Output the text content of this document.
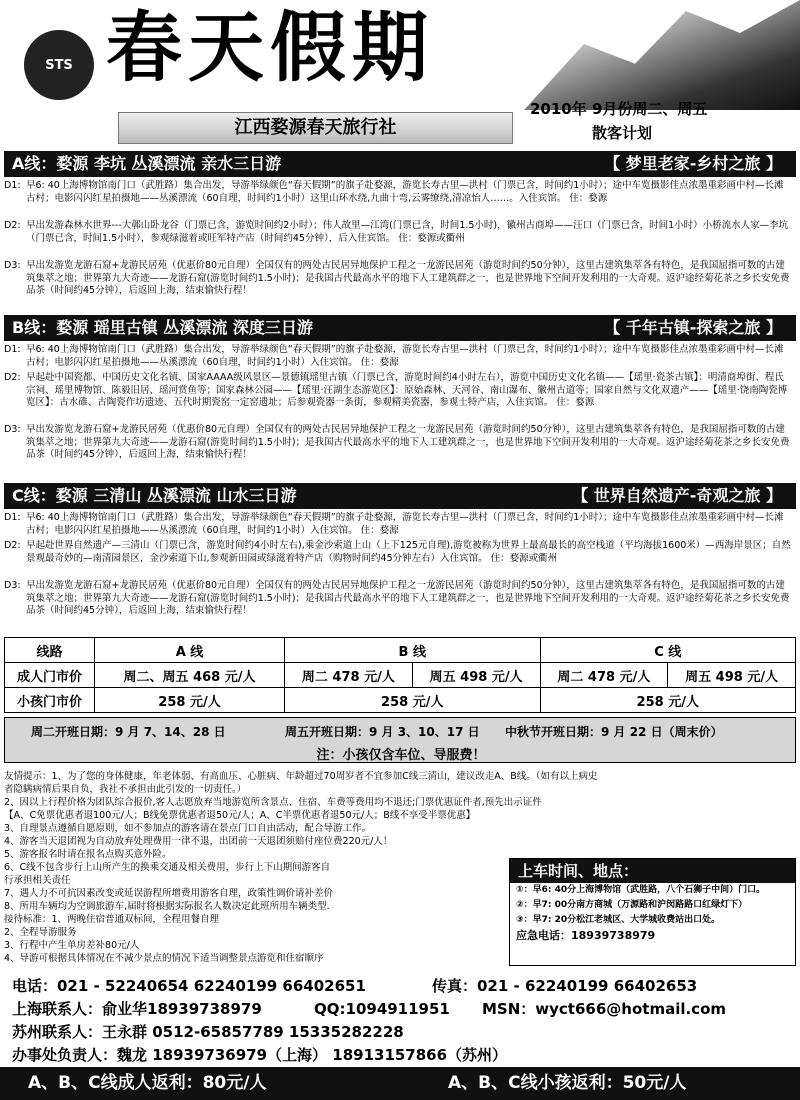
STS 春天假期
2010年 9月份周二、周五
江西婺源春天旅行社	散客计划
A线：婺源 李坑 丛溪漂流 亲水三日游	【 梦里老家-乡村之旅 】
D1: 早6: 40上海博物馆南门口（武胜路）集合出发，导游举绿颜色“春天假期”的旗子赴婺源，游览长寿古里—洪村（门票已含，时间约1小时）；途中车览摄影佳点浓墨重彩画中村—长滩古村；电影闪闪红星拍摄地——丛溪漂流（60自理，时间约1小时）这里山环水绕,九曲十弯,云雾缭绕,清凉怡人……。入住宾馆。 住：婺源
D2: 早出发游森林水世界---大鄣山卧龙谷（门票已含，游览时间约2小时）；伟人故里—江湾(门票已含，时间1.5小时)，徽州古商埠——汪口（门票已含，时间1小时）小桥流水人家—李坑（门票已含，时间1.5小时），参观绿滋着或旺军特产店（时间约45分钟），后入住宾馆。 住：婺源或衢州
D3: 早出发游览龙游石窟+龙游民居苑（优惠价80元自理）全国仅有的两处古民居异地保护工程之一龙游民居苑（游览时间约50分钟），这里古建筑集萃各有特色，是我国屈指可数的古建筑集萃之地；世界第九大奇迹——龙游石窟(游览时间约1.5小时)；是我国古代最高水平的地下人工建筑群之一，也是世界地下空间开发利用的一大奇观。返沪途经菊花茶之乡长安免费品茶（时间约45分钟），后返回上海，结束愉快行程！
B线：婺源 瑶里古镇 丛溪漂流 深度三日游	【 千年古镇-探索之旅 】
D1: 早6: 40上海博物馆南门口（武胜路）集合出发，导游举绿颜色“春天假期”的旗子赴婺源，游览长寿古里—洪村（门票已含，时间约1小时）；途中车览摄影佳点浓墨重彩画中村—长滩古村；电影闪闪红星拍摄地——丛溪漂流（60自理，时间约1小时）入住宾馆。 住：婺源
D2: 早起赴中国瓷都、中国历史文化名镇、国家AAAA级风景区—景德镇瑶里古镇（门票已含，游览时间约4小时左右），游览中国历史文化名镇——【瑶里·瓷茶古镇】：明清商埠街、程氏宗祠、瑶里博物馆、陈毅旧居、瑶河赏鱼等；国家森林公园——【瑶里·汪湖生态游览区】：原始森林、天河谷、南山瀑布、徽州古道等；国家自然与文化双遗产——【瑶里·饶南陶瓷博览区】：古水碓、古陶瓷作坊遗迹、五代时期瓷窑一定窑遗址；后参观瓷器一条街，参观精美瓷器，参观土特产店，入住宾馆。 住：婺源
D3: 早出发游览龙游石窟+龙游民居苑（优惠价80元自理）全国仅有的两处古民居异地保护工程之一龙游民居苑（游览时间约50分钟），这里古建筑集萃各有特色，是我国屈指可数的古建筑集萃之地；世界第九大奇迹——龙游石窟(游览时间约1.5小时)；是我国古代最高水平的地下人工建筑群之一，也是世界地下空间开发利用的一大奇观。返沪途经菊花茶之乡长安免费品茶（时间约45分钟），后返回上海，结束愉快行程！
C线：婺源 三清山 丛溪漂流 山水三日游	【 世界自然遗产-奇观之旅 】
D1: 早6: 40上海博物馆南门口（武胜路）集合出发，导游举绿颜色“春天假期”的旗子赴婺源，游览长寿古里—洪村（门票已含，时间约1小时）；途中车览摄影佳点浓墨重彩画中村—长滩古村；电影闪闪红星拍摄地——丛溪漂流（60自理，时间约1小时）入住宾馆。 住：婺源
D2: 早起赴世界自然遗产—三清山（门票已含，游览时间约4小时左右),乘金沙索道上山（上下125元自理),游览被称为世界上最高最长的高空栈道（平均海拔1600米）—西海岸景区；自然景观最奇妙的—南清园景区，金沙索道下山,参观新田园或绿滋着特产店（购物时间约45分钟左右）入住宾馆。 住：婺源或衢州
D3: 早出发游览龙游石窟+龙游民居苑（优惠价80元自理）全国仅有的两处古民居异地保护工程之一龙游民居苑（游览时间约50分钟），这里古建筑集萃各有特色，是我国屈指可数的古建筑集萃之地；世界第九大奇迹——龙游石窟(游览时间约1.5小时)；是我国古代最高水平的地下人工建筑群之一，也是世界地下空间开发利用的一大奇观。返沪途经菊花茶之乡长安免费品茶（时间约45分钟），后返回上海，结束愉快行程！
线路	A 线	B 线		C 线	
成人门市价	周二、周五 468 元/人	周二 478 元/人	周五 498 元/人	周二 478 元/人	周五 498 元/人
小孩门市价	258 元/人	258 元/人		258 元/人	
周二开班日期：9 月 7、14、28 日	周五开班日期：9 月 3、10、17 日 中秋节开班日期：9 月 22 日（周末价）
注：小孩仅含车位、导服费！
友情提示：1、为了您的身体健康，年老体弱、有高血压、心脏病、年龄超过70周岁者不宜参加C线三清山，建议改走A、B线。（如有以上病史
者隐瞒病情后果自负，我社不承担由此引发的一切责任。）
2、因以上行程价格为团队综合报价,客人志愿放弃当地游览所含景点、住宿、车费等费用均不退还;门票优惠证件者,预先出示证件
【A、C免票优惠者退100元/人；B线免票优惠者退50元/人；A、C半票优惠者退50元/人；B线不享受半票优惠】
3、自理景点遵循自愿原则，如不参加点的游客请在景点门口自由活动，配合导游工作。
4、游客当天退团视为自动放弃处理费用一律不退，出团前一天退团须赔付座位费220元/人！
5、游客报名时请在报名点购买意外险。
6、C线不包含步行上山所产生的换乘交通及相关费用，步行上下山期间游客自
行承担相关责任
7、遇人力不可抗因素改变或延误游程所增费用游客自理，政策性调价请补差价
8、所用车辆均为空调旅游车,届时将根据实际报名人数决定此班所用车辆类型.
接待标准：1、两晚住宿普通双标间，全程用餐自理
2、全程导游服务
3、行程中产生单房差补80元/人
4、导游可根据具体情况在不减少景点的情况下适当调整景点游览和住宿顺序
上车时间、地点：
①：早6: 40分上海博物馆（武胜路，八个石狮子中间）门口。
②：早7: 00分南方商城（万源路和沪闵路路口红绿灯下）
③：早7: 20分松江老城区、大学城收费站出口处。
应急电话：18939738979
电话：021 - 52240654 62240199 66402651	传真：021 - 62240199 66402653
上海联系人：俞业华18939738979	QQ:1094911951 MSN：wyct666@hotmail.com
苏州联系人：王永群 0512-65857789 15335282228
办事处负责人：魏龙 18939736979（上海） 18913157866（苏州）
A、B、C线成人返利：80元/人	A、B、C线小孩返利：50元/人
